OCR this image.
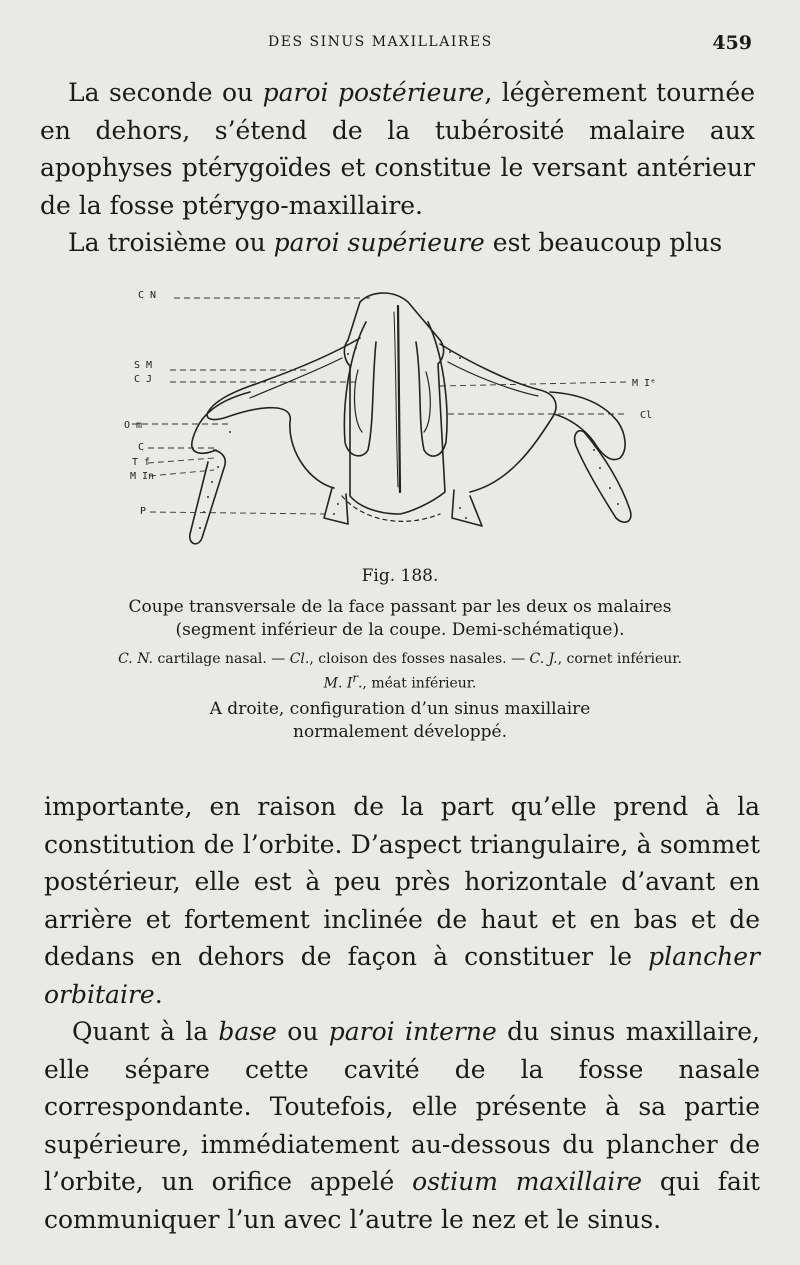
DES SINUS MAXILLAIRES	459

La seconde ou paroi postérieure, légèrement tournée en dehors, s’étend de la tubérosité malaire aux apophyses ptérygoïdes et constitue le versant antérieur de la fosse ptérygo-maxillaire.

La troisième ou paroi supérieure est beaucoup plus

C N
S M
C J
O m
C
T f
M In
P
M Iᵉ
Cl
Fig. 188.
Coupe transversale de la face passant par les deux os malaires
(segment inférieur de la coupe. Demi-schématique).
C. N. cartilage nasal. — Cl., cloison des fosses nasales. — C. J., cornet inférieur.
M. $I^r$., méat inférieur.
A droite, configuration d’un sinus maxillaire
normalement développé.

importante, en raison de la part qu’elle prend à la constitution de l’orbite. D’aspect triangulaire, à sommet postérieur, elle est à peu près horizontale d’avant en arrière et fortement inclinée de haut et en bas et de dedans en dehors de façon à constituer le plancher orbitaire.

Quant à la base ou paroi interne du sinus maxillaire, elle sépare cette cavité de la fosse nasale correspondante. Toutefois, elle présente à sa partie supérieure, immédiatement au-dessous du plancher de l’orbite, un orifice appelé ostium maxillaire qui fait communiquer l’un avec l’autre le nez et le sinus.
